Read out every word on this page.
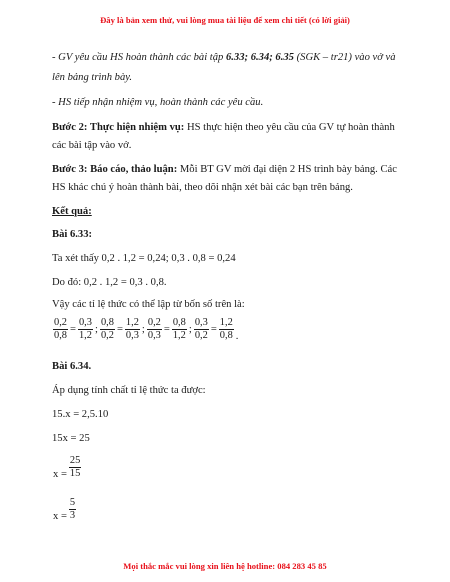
Đây là bản xem thử, vui lòng mua tài liệu để xem chi tiết (có lời giải)
- GV yêu cầu HS hoàn thành các bài tập 6.33; 6.34; 6.35 (SGK – tr21) vào vở và
lên bảng trình bày.
- HS tiếp nhận nhiệm vụ, hoàn thành các yêu cầu.
Bước 2: Thực hiện nhiệm vụ: HS thực hiện theo yêu cầu của GV tự hoàn thành
các bài tập vào vở.
Bước 3: Báo cáo, thảo luận: Mỗi BT GV mời đại diện 2 HS trình bày bảng. Các
HS khác chú ý hoàn thành bài, theo dõi nhận xét bài các bạn trên bảng.
Kết quả:
Bài 6.33:
Ta xét thấy 0,2 . 1,2 = 0,24; 0,3 . 0,8 = 0,24
Do đó: 0,2 . 1,2 = 0,3 . 0,8.
Vậy các tỉ lệ thức có thể lập từ bốn số trên là:
$\frac{0,2}{0,8} = \frac{0,3}{1,2}$ ; $\frac{0,8}{0,2} = \frac{1,2}{0,3}$ ; $\frac{0,2}{0,3} = \frac{0,8}{1,2}$ ; $\frac{0,3}{0,2} = \frac{1,2}{0,8}$ .
Bài 6.34.
Áp dụng tính chất tỉ lệ thức ta được:
15.x = 2,5.10
15x = 25
$x = \frac{25}{15}$
$x = \frac{5}{3}$
Mọi thắc mắc vui lòng xin liên hệ hotline: 084 283 45 85
